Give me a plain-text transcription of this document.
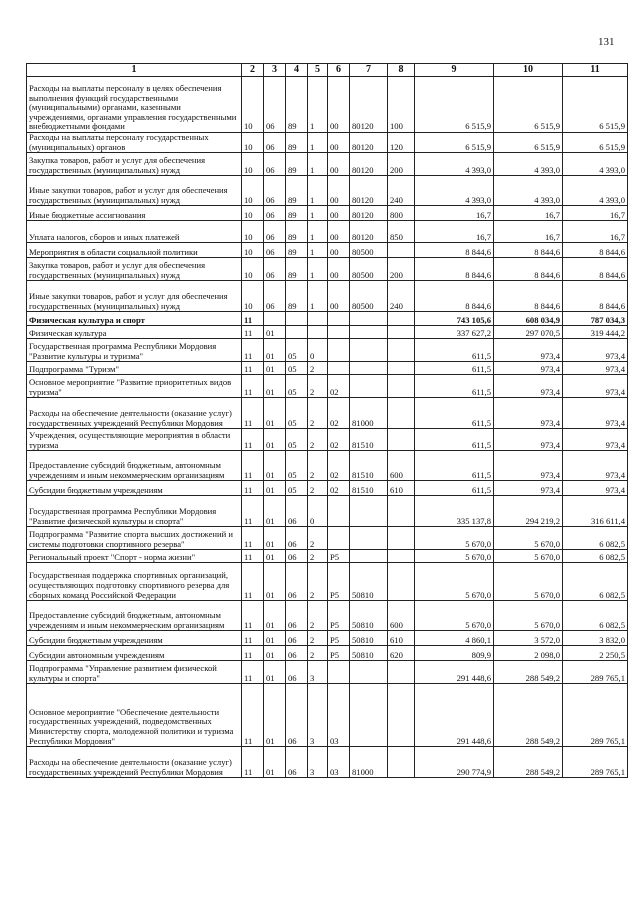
131
1	2	3	4	5	6	7	8	9	10	11
Расходы на выплаты персоналу в целях обеспечения выполнения функций государственными (муниципальными) органами, казенными учреждениями, органами управления государственными внебюджетными фондами	10	06	89	1	00	80120	100	6 515,9	6 515,9	6 515,9
Расходы на выплаты персоналу государственных (муниципальных) органов	10	06	89	1	00	80120	120	6 515,9	6 515,9	6 515,9
Закупка товаров, работ и услуг для обеспечения государственных (муниципальных) нужд	10	06	89	1	00	80120	200	4 393,0	4 393,0	4 393,0
Иные закупки товаров, работ и услуг для обеспечения государственных (муниципальных) нужд	10	06	89	1	00	80120	240	4 393,0	4 393,0	4 393,0
Иные бюджетные ассигнования	10	06	89	1	00	80120	800	16,7	16,7	16,7
Уплата налогов, сборов и иных платежей	10	06	89	1	00	80120	850	16,7	16,7	16,7
Мероприятия в области социальной политики	10	06	89	1	00	80500		8 844,6	8 844,6	8 844,6
Закупка товаров, работ и услуг для обеспечения государственных (муниципальных) нужд	10	06	89	1	00	80500	200	8 844,6	8 844,6	8 844,6
Иные закупки товаров, работ и услуг для обеспечения государственных (муниципальных) нужд	10	06	89	1	00	80500	240	8 844,6	8 844,6	8 844,6
Физическая культура и спорт	11							743 105,6	608 034,9	787 034,3
Физическая культура	11	01						337 627,2	297 070,5	319 444,2
Государственная программа Республики Мордовия "Развитие культуры и туризма"	11	01	05	0				611,5	973,4	973,4
Подпрограмма "Туризм"	11	01	05	2				611,5	973,4	973,4
Основное мероприятие "Развитие приоритетных видов туризма"	11	01	05	2	02			611,5	973,4	973,4
Расходы на обеспечение деятельности (оказание услуг) государственных учреждений Республики Мордовия	11	01	05	2	02	81000		611,5	973,4	973,4
Учреждения, осуществляющие мероприятия в области туризма	11	01	05	2	02	81510		611,5	973,4	973,4
Предоставление субсидий бюджетным, автономным учреждениям и иным некоммерческим организациям	11	01	05	2	02	81510	600	611,5	973,4	973,4
Субсидии бюджетным учреждениям	11	01	05	2	02	81510	610	611,5	973,4	973,4
Государственная программа Республики Мордовия "Развитие физической культуры и спорта"	11	01	06	0				335 137,8	294 219,2	316 611,4
Подпрограмма "Развитие спорта высших достижений и системы подготовки спортивного резерва"	11	01	06	2				5 670,0	5 670,0	6 082,5
Региональный проект "Спорт - норма жизни"	11	01	06	2	P5			5 670,0	5 670,0	6 082,5
Государственная поддержка спортивных организаций, осуществляющих подготовку спортивного резерва для сборных команд Российской Федерации	11	01	06	2	P5	50810		5 670,0	5 670,0	6 082,5
Предоставление субсидий бюджетным, автономным учреждениям и иным некоммерческим организациям	11	01	06	2	P5	50810	600	5 670,0	5 670,0	6 082,5
Субсидии бюджетным учреждениям	11	01	06	2	P5	50810	610	4 860,1	3 572,0	3 832,0
Субсидии автономным учреждениям	11	01	06	2	P5	50810	620	809,9	2 098,0	2 250,5
Подпрограмма "Управление развитием физической культуры и спорта"	11	01	06	3				291 448,6	288 549,2	289 765,1
Основное мероприятие "Обеспечение деятельности государственных учреждений, подведомственных Министерству спорта, молодежной политики и туризма Республики Мордовия"	11	01	06	3	03			291 448,6	288 549,2	289 765,1
Расходы на обеспечение деятельности (оказание услуг) государственных учреждений Республики Мордовия	11	01	06	3	03	81000		290 774,9	288 549,2	289 765,1
